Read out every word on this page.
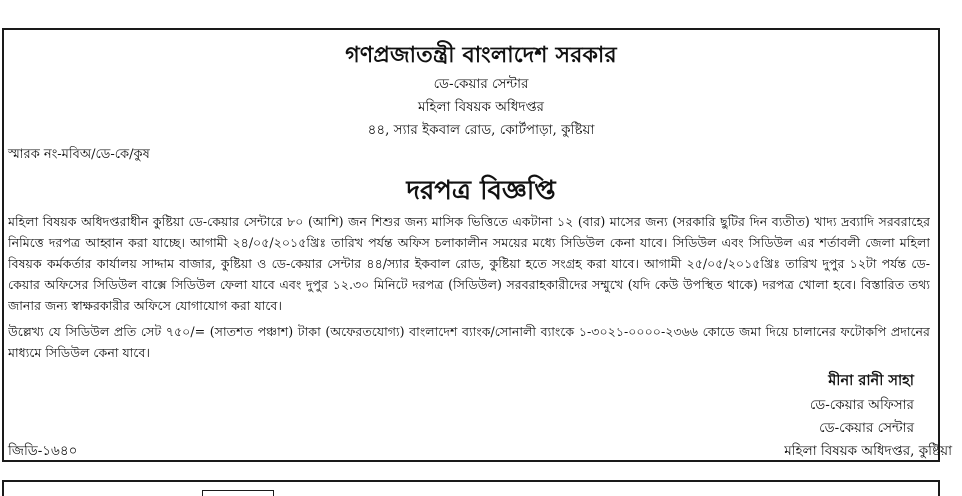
গণপ্রজাতন্ত্রী বাংলাদেশ সরকার
ডে-কেয়ার সেন্টার
মহিলা বিষয়ক অধিদপ্তর
৪৪, স্যার ইকবাল রোড, কোর্টপাড়া, কুষ্টিয়া
স্মারক নং-মবিঅ/ডে-কে/কুষ
দরপত্র বিজ্ঞপ্তি
মহিলা বিষয়ক অধিদপ্তরাধীন কুষ্টিয়া ডে-কেয়ার সেন্টারে ৮০ (আশি) জন শিশুর জন্য মাসিক ভিত্তিতে একটানা ১২ (বার) মাসের জন্য (সরকারি ছুটির দিন ব্যতীত) খাদ্য দ্রব্যাদি সরবরাহের নিমিত্তে দরপত্র আহ্বান করা যাচ্ছে। আগামী ২৪/০৫/২০১৫খ্রিঃ তারিখ পর্যন্ত অফিস চলাকালীন সময়ের মধ্যে সিডিউল কেনা যাবে। সিডিউল এবং সিডিউল এর শর্তাবলী জেলা মহিলা বিষয়ক কর্মকর্তার কার্যালয় সাদ্দাম বাজার, কুষ্টিয়া ও ডে-কেয়ার সেন্টার ৪৪/স্যার ইকবাল রোড, কুষ্টিয়া হতে সংগ্রহ করা যাবে। আগামী ২৫/০৫/২০১৫খ্রিঃ তারিখ দুপুর ১২টা পর্যন্ত ডে-কেয়ার অফিসের সিডিউল বাক্সে সিডিউল ফেলা যাবে এবং দুপুর ১২.৩০ মিনিটে দরপত্র (সিডিউল) সরবরাহকারীদের সম্মুখে (যদি কেউ উপস্থিত থাকে) দরপত্র খোলা হবে। বিস্তারিত তথ্য জানার জন্য স্বাক্ষরকারীর অফিসে যোগাযোগ করা যাবে।
উল্লেখ্য যে সিডিউল প্রতি সেট ৭৫০/= (সাতশত পঞ্চাশ) টাকা (অফেরতযোগ্য) বাংলাদেশ ব্যাংক/সোনালী ব্যাংকে ১-৩০২১-০০০০-২৩৬৬ কোডে জমা দিয়ে চালানের ফটোকপি প্রদানের মাধ্যমে সিডিউল কেনা যাবে।
মীনা রানী সাহা
ডে-কেয়ার অফিসার
ডে-কেয়ার সেন্টার
মহিলা বিষয়ক অধিদপ্তর, কুষ্টিয়া
জিডি-১৬৪০
